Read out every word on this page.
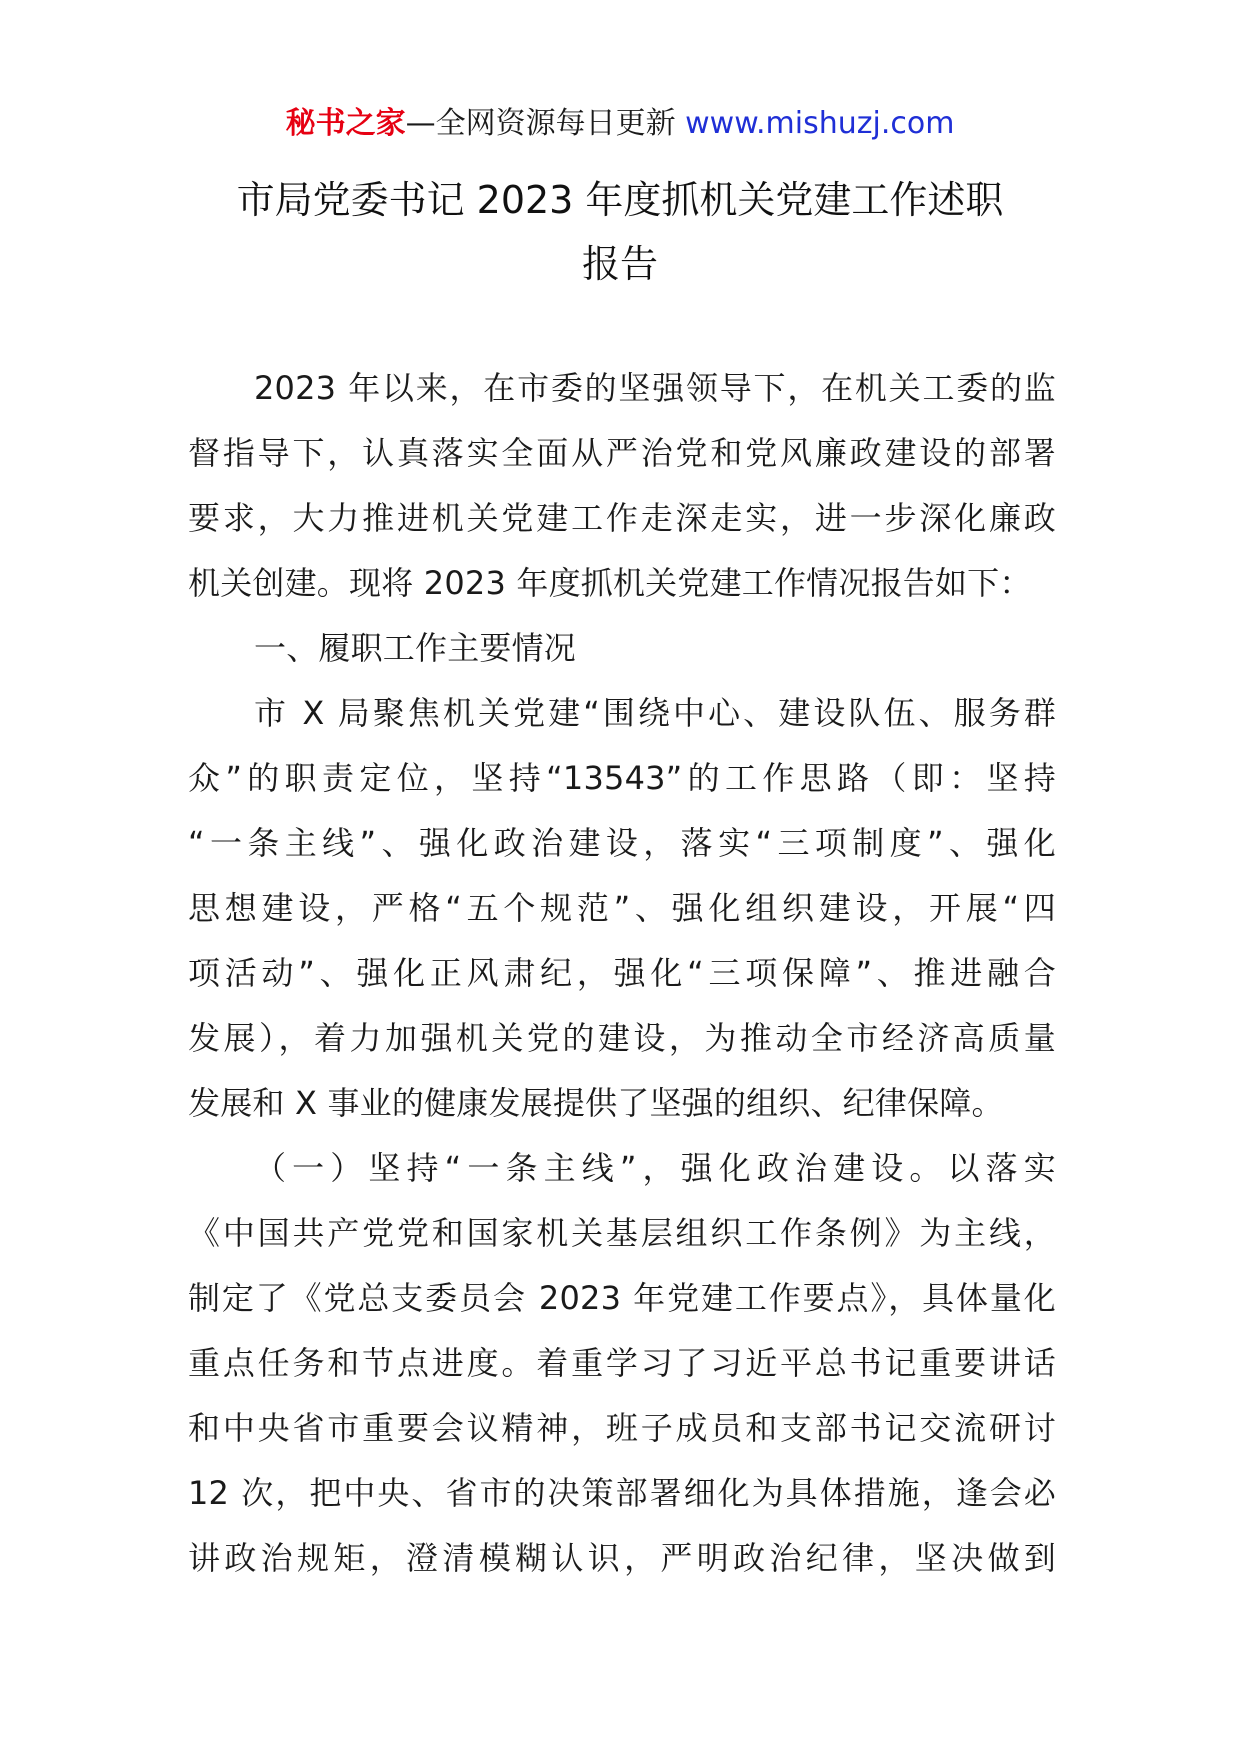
秘书之家—全网资源每日更新 www.mishuzj.com
市局党委书记 2023 年度抓机关党建工作述职
报告
2023 年以来，在市委的坚强领导下，在机关工委的监
督指导下，认真落实全面从严治党和党风廉政建设的部署
要求，大力推进机关党建工作走深走实，进一步深化廉政
机关创建。现将 2023 年度抓机关党建工作情况报告如下：
一、履职工作主要情况
市 X 局聚焦机关党建“围绕中心、建设队伍、服务群
众”的职责定位，坚持“13543”的工作思路（即：坚持
“一条主线”、强化政治建设，落实“三项制度”、强化
思想建设，严格“五个规范”、强化组织建设，开展“四
项活动”、强化正风肃纪，强化“三项保障”、推进融合
发展），着力加强机关党的建设，为推动全市经济高质量
发展和 X 事业的健康发展提供了坚强的组织、纪律保障。
（一）坚持“一条主线”，强化政治建设。以落实
《中国共产党党和国家机关基层组织工作条例》为主线，
制定了《党总支委员会 2023 年党建工作要点》，具体量化
重点任务和节点进度。着重学习了习近平总书记重要讲话
和中央省市重要会议精神，班子成员和支部书记交流研讨
12 次，把中央、省市的决策部署细化为具体措施，逢会必
讲政治规矩，澄清模糊认识，严明政治纪律，坚决做到
